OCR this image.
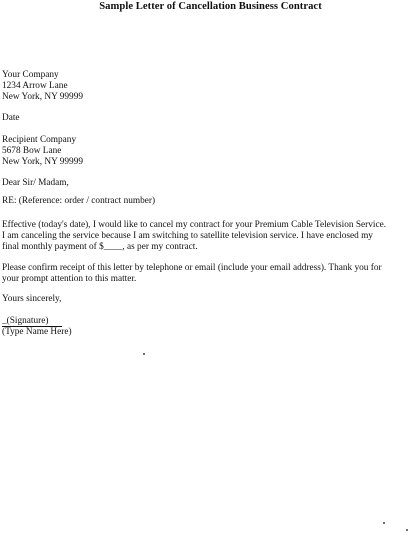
Sample Letter of Cancellation Business Contract
Your Company
1234 Arrow Lane
New York, NY 99999
Date
Recipient Company
5678 Bow Lane
New York, NY 99999
Dear Sir/ Madam,
RE: (Reference: order / contract number)
Effective (today's date), I would like to cancel my contract for your Premium Cable Television Service.
I am canceling the service because I am switching to satellite television service. I have enclosed my
final monthly payment of $____, as per my contract.
Please confirm receipt of this letter by telephone or email (include your email address). Thank you for
your prompt attention to this matter.
Yours sincerely,
_(Signature)
(Type Name Here)
